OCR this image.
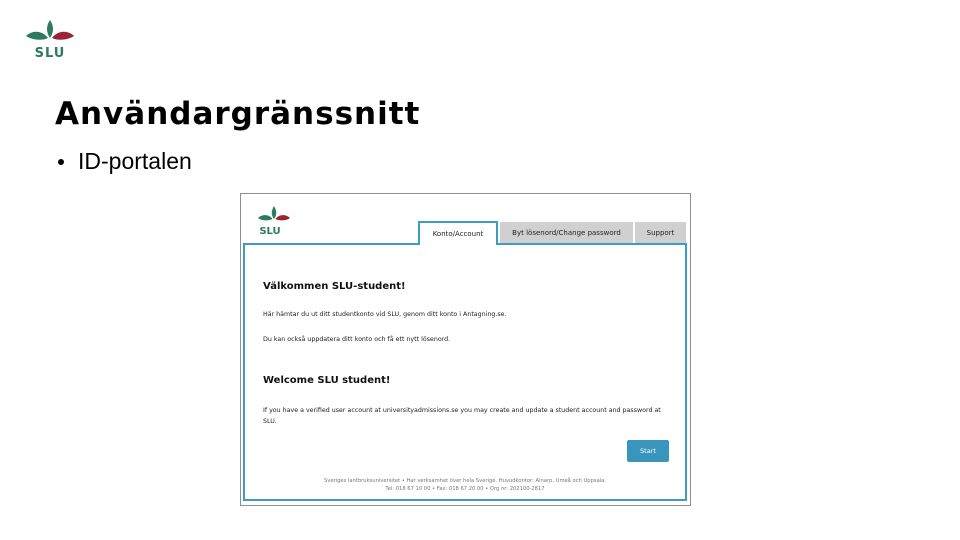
SLU
Användargränssnitt
ID-portalen
SLU	Konto/Account	Byt lösenord/Change password	Support
Välkommen SLU-student!
Här hämtar du ut ditt studentkonto vid SLU, genom ditt konto i Antagning.se.
Du kan också uppdatera ditt konto och få ett nytt lösenord.
Welcome SLU student!
If you have a verified user account at universityadmissions.se you may create and update a student account and password at SLU.
Start
Sveriges lantbruksuniversitet • Har verksamhet över hela Sverige. Huvudkontor: Alnarp, Umeå och Uppsala.
Tel: 018 67 10 00 • Fax: 018 67 20 00 • Org nr: 202100-2817
